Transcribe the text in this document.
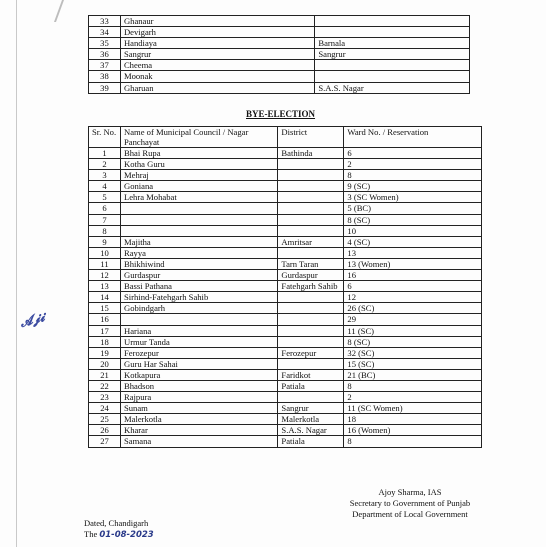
33	Ghanaur	
34	Devigarh	
35	Handiaya	Barnala
36	Sangrur	Sangrur
37	Cheema	
38	Moonak	
39	Gharuan	S.A.S. Nagar
BYE-ELECTION
Sr. No.	Name of Municipal Council / Nagar Panchayat	District	Ward No. / Reservation
1	Bhai Rupa	Bathinda	6
2	Kotha Guru		2
3	Mehraj		8
4	Goniana		9 (SC)
5	Lehra Mohabat		3 (SC Women)
6			5 (BC)
7			8 (SC)
8			10
9	Majitha	Amritsar	4 (SC)
10	Rayya		13
11	Bhikhiwind	Tarn Taran	13 (Women)
12	Gurdaspur	Gurdaspur	16
13	Bassi Pathana	Fatehgarh Sahib	6
14	Sirhind-Fatehgarh Sahib		12
15	Gobindgarh		26 (SC)
16			29
17	Hariana		11 (SC)
18	Urmur Tanda		8 (SC)
19	Ferozepur	Ferozepur	32 (SC)
20	Guru Har Sahai		15 (SC)
21	Kotkapura	Faridkot	21 (BC)
22	Bhadson	Patiala	8
23	Rajpura		2
24	Sunam	Sangrur	11 (SC Women)
25	Malerkotla	Malerkotla	18
26	Kharar	S.A.S. Nagar	16 (Women)
27	Samana	Patiala	8
𝓐𝓳𝓲
Ajoy Sharma, IAS
Secretary to Government of Punjab
Department of Local Government
Dated, Chandigarh
The 01-08-2023
